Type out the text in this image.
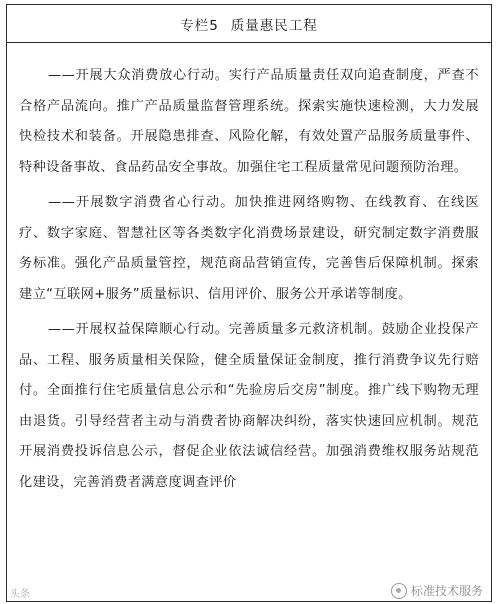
专栏5 质量惠民工程

——开展大众消费放心行动。实行产品质量责任双向追查制度，严查不合格产品流向。推广产品质量监督管理系统。探索实施快速检测，大力发展快检技术和装备。开展隐患排查、风险化解，有效处置产品服务质量事件、特种设备事故、食品药品安全事故。加强住宅工程质量常见问题预防治理。

——开展数字消费省心行动。加快推进网络购物、在线教育、在线医疗、数字家庭、智慧社区等各类数字化消费场景建设，研究制定数字消费服务标准。强化产品质量管控，规范商品营销宣传，完善售后保障机制。探索建立“互联网+服务”质量标识、信用评价、服务公开承诺等制度。

——开展权益保障顺心行动。完善质量多元救济机制。鼓励企业投保产品、工程、服务质量相关保险，健全质量保证金制度，推行消费争议先行赔付。全面推行住宅质量信息公示和“先验房后交房”制度。推广线下购物无理由退货。引导经营者主动与消费者协商解决纠纷，落实快速回应机制。规范开展消费投诉信息公示，督促企业依法诚信经营。加强消费维权服务站规范化建设，完善消费者满意度调查评价

头条	标准技术服务
